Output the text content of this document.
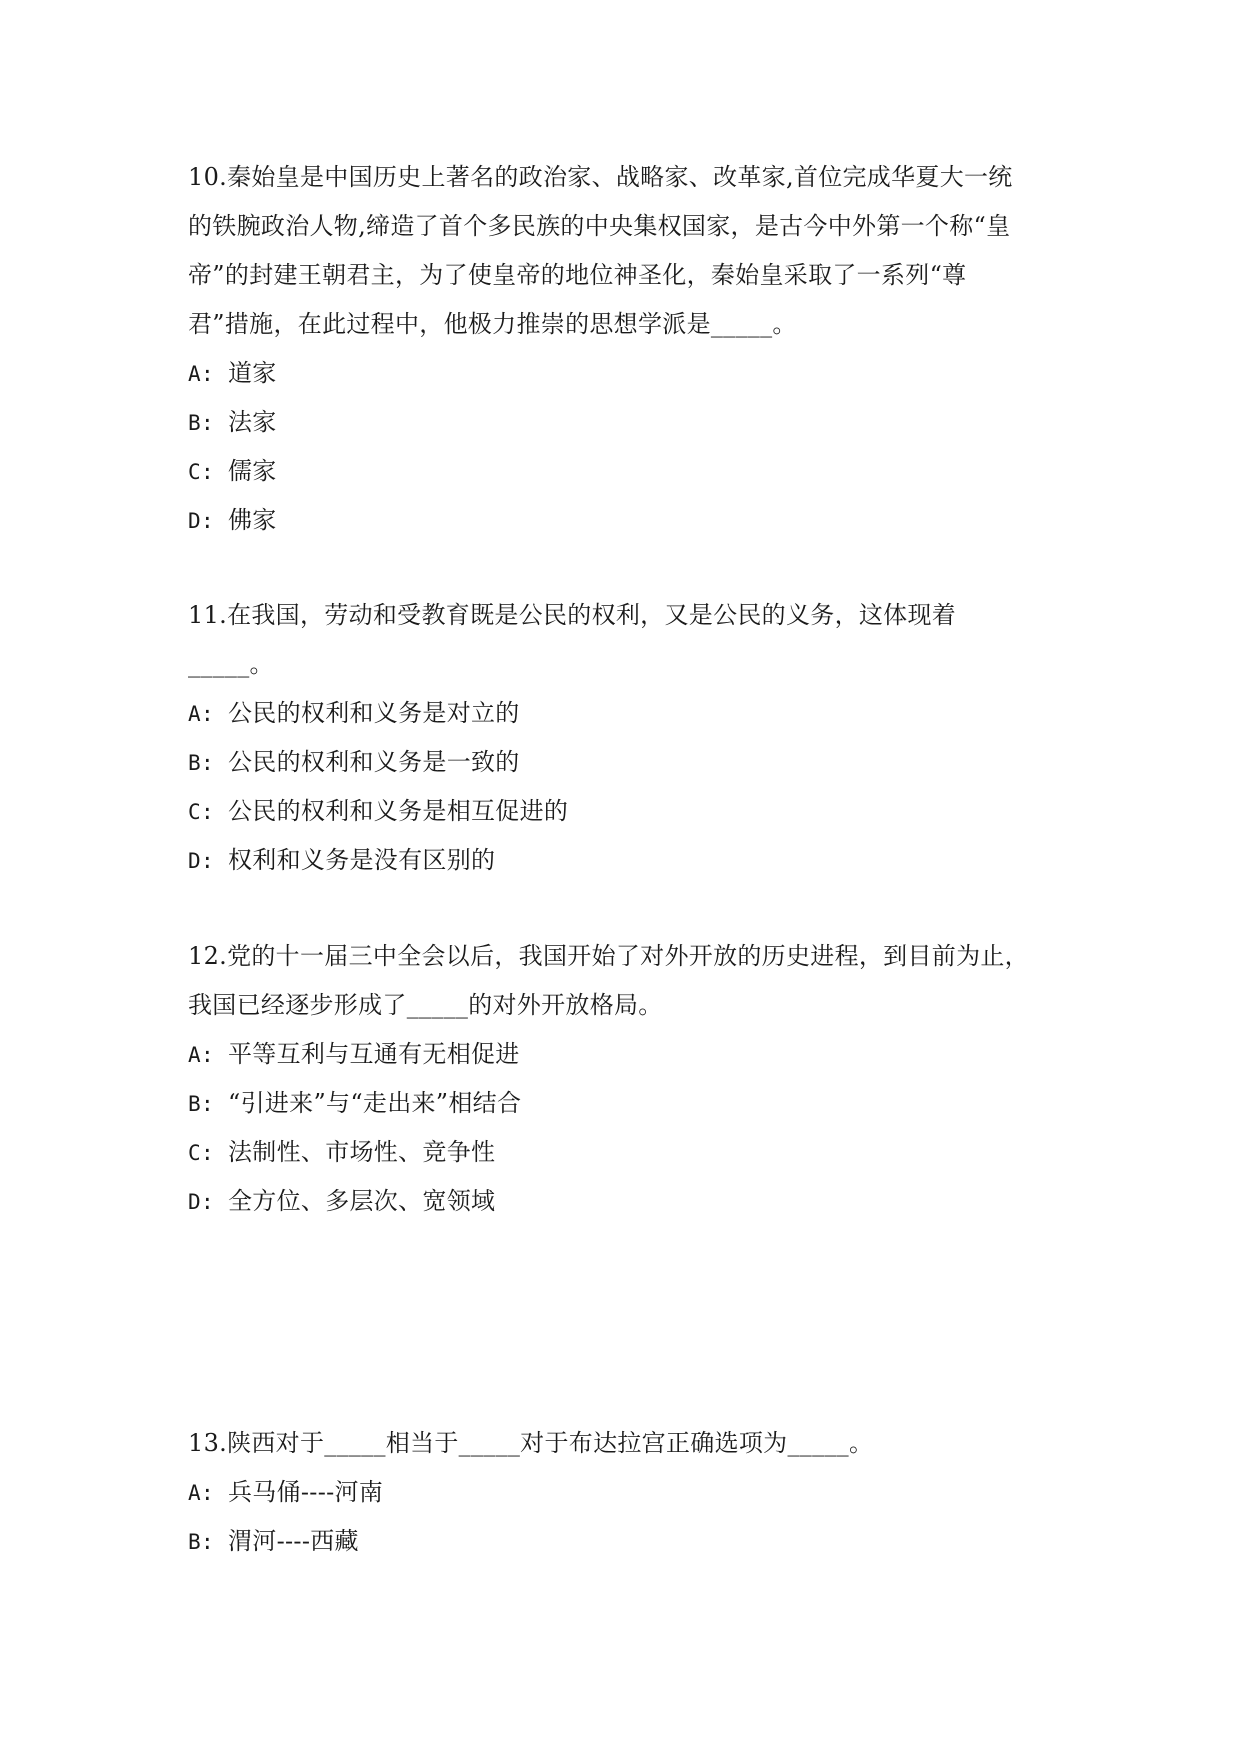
10.秦始皇是中国历史上著名的政治家、战略家、改革家,首位完成华夏大一统
的铁腕政治人物,缔造了首个多民族的中央集权国家，是古今中外第一个称“皇
帝”的封建王朝君主，为了使皇帝的地位神圣化，秦始皇采取了一系列“尊
君”措施，在此过程中，他极力推崇的思想学派是_____。
A: 道家
B: 法家
C: 儒家
D: 佛家
11.在我国，劳动和受教育既是公民的权利，又是公民的义务，这体现着
_____。
A: 公民的权利和义务是对立的
B: 公民的权利和义务是一致的
C: 公民的权利和义务是相互促进的
D: 权利和义务是没有区别的
12.党的十一届三中全会以后，我国开始了对外开放的历史进程，到目前为止，
我国已经逐步形成了_____的对外开放格局。
A: 平等互利与互通有无相促进
B: “引进来”与“走出来”相结合
C: 法制性、市场性、竞争性
D: 全方位、多层次、宽领域
13.陕西对于_____相当于_____对于布达拉宫正确选项为_____。
A: 兵马俑----河南
B: 渭河----西藏
